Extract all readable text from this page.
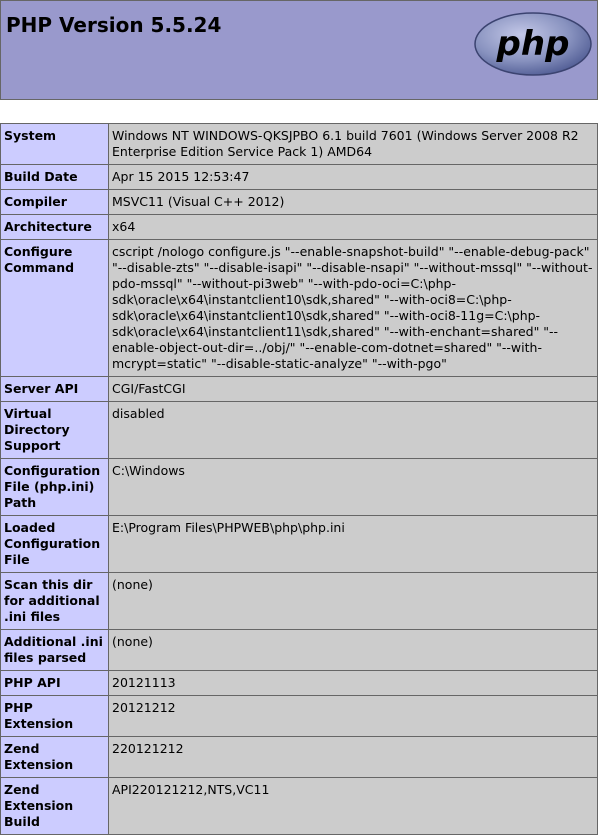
PHP Version 5.5.24	php
System	Windows NT WINDOWS-QKSJPBO 6.1 build 7601 (Windows Server 2008 R2 Enterprise Edition Service Pack 1) AMD64
Build Date	Apr 15 2015 12:53:47
Compiler	MSVC11 (Visual C++ 2012)
Architecture	x64
Configure Command	cscript /nologo configure.js "--enable-snapshot-build" "--enable-debug-pack" "--disable-zts" "--disable-isapi" "--disable-nsapi" "--without-mssql" "--without-pdo-mssql" "--without-pi3web" "--with-pdo-oci=C:\php-sdk\oracle\x64\instantclient10\sdk,shared" "--with-oci8=C:\php-sdk\oracle\x64\instantclient10\sdk,shared" "--with-oci8-11g=C:\php-sdk\oracle\x64\instantclient11\sdk,shared" "--with-enchant=shared" "--enable-object-out-dir=../obj/" "--enable-com-dotnet=shared" "--with-mcrypt=static" "--disable-static-analyze" "--with-pgo"
Server API	CGI/FastCGI
Virtual Directory Support	disabled
Configuration File (php.ini) Path	C:\Windows
Loaded Configuration File	E:\Program Files\PHPWEB\php\php.ini
Scan this dir for additional .ini files	(none)
Additional .ini files parsed	(none)
PHP API	20121113
PHP Extension	20121212
Zend Extension	220121212
Zend Extension Build	API220121212,NTS,VC11
